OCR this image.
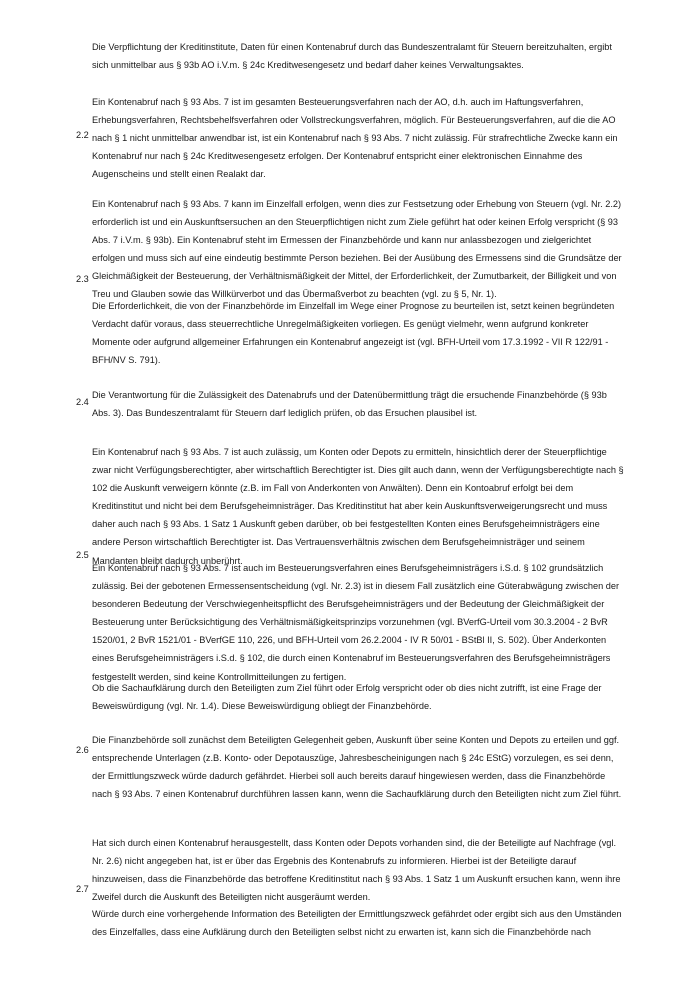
Die Verpflichtung der Kreditinstitute, Daten für einen Kontenabruf durch das Bundeszentralamt für Steuern bereitzuhalten, ergibt sich unmittelbar aus § 93b AO i.V.m. § 24c Kreditwesengesetz und bedarf daher keines Verwaltungsaktes.

2.2

Ein Kontenabruf nach § 93 Abs. 7 ist im gesamten Besteuerungsverfahren nach der AO, d.h. auch im Haftungsverfahren, Erhebungsverfahren, Rechtsbehelfsverfahren oder Vollstreckungsverfahren, möglich. Für Besteuerungsverfahren, auf die die AO nach § 1 nicht unmittelbar anwendbar ist, ist ein Kontenabruf nach § 93 Abs. 7 nicht zulässig. Für strafrechtliche Zwecke kann ein Kontenabruf nur nach § 24c Kreditwesengesetz erfolgen. Der Kontenabruf entspricht einer elektronischen Einnahme des Augenscheins und stellt einen Realakt dar.

2.3

Ein Kontenabruf nach § 93 Abs. 7 kann im Einzelfall erfolgen, wenn dies zur Festsetzung oder Erhebung von Steuern (vgl. Nr. 2.2) erforderlich ist und ein Auskunftsersuchen an den Steuerpflichtigen nicht zum Ziele geführt hat oder keinen Erfolg verspricht (§ 93 Abs. 7 i.V.m. § 93b). Ein Kontenabruf steht im Ermessen der Finanzbehörde und kann nur anlassbezogen und zielgerichtet erfolgen und muss sich auf eine eindeutig bestimmte Person beziehen. Bei der Ausübung des Ermessens sind die Grundsätze der Gleichmäßigkeit der Besteuerung, der Verhältnismäßigkeit der Mittel, der Erforderlichkeit, der Zumutbarkeit, der Billigkeit und von Treu und Glauben sowie das Willkürverbot und das Übermaßverbot zu beachten (vgl. zu § 5, Nr. 1).

Die Erforderlichkeit, die von der Finanzbehörde im Einzelfall im Wege einer Prognose zu beurteilen ist, setzt keinen begründeten Verdacht dafür voraus, dass steuerrechtliche Unregelmäßigkeiten vorliegen. Es genügt vielmehr, wenn aufgrund konkreter Momente oder aufgrund allgemeiner Erfahrungen ein Kontenabruf angezeigt ist (vgl. BFH-Urteil vom 17.3.1992 - VII R 122/91 - BFH/NV S. 791).

2.4

Die Verantwortung für die Zulässigkeit des Datenabrufs und der Datenübermittlung trägt die ersuchende Finanzbehörde (§ 93b Abs. 3). Das Bundeszentralamt für Steuern darf lediglich prüfen, ob das Ersuchen plausibel ist.

2.5

Ein Kontenabruf nach § 93 Abs. 7 ist auch zulässig, um Konten oder Depots zu ermitteln, hinsichtlich derer der Steuerpflichtige zwar nicht Verfügungsberechtigter, aber wirtschaftlich Berechtigter ist. Dies gilt auch dann, wenn der Verfügungsberechtigte nach § 102 die Auskunft verweigern könnte (z.B. im Fall von Anderkonten von Anwälten). Denn ein Kontoabruf erfolgt bei dem Kreditinstitut und nicht bei dem Berufsgeheimnisträger. Das Kreditinstitut hat aber kein Auskunftsverweigerungsrecht und muss daher auch nach § 93 Abs. 1 Satz 1 Auskunft geben darüber, ob bei festgestellten Konten eines Berufsgeheimnisträgers eine andere Person wirtschaftlich Berechtigter ist. Das Vertrauensverhältnis zwischen dem Berufsgeheimnisträger und seinem Mandanten bleibt dadurch unberührt.

Ein Kontenabruf nach § 93 Abs. 7 ist auch im Besteuerungsverfahren eines Berufsgeheimnisträgers i.S.d. § 102 grundsätzlich zulässig. Bei der gebotenen Ermessensentscheidung (vgl. Nr. 2.3) ist in diesem Fall zusätzlich eine Güterabwägung zwischen der besonderen Bedeutung der Verschwiegenheitspflicht des Berufsgeheimnisträgers und der Bedeutung der Gleichmäßigkeit der Besteuerung unter Berücksichtigung des Verhältnismäßigkeitsprinzips vorzunehmen (vgl. BVerfG-Urteil vom 30.3.2004 - 2 BvR 1520/01, 2 BvR 1521/01 - BVerfGE 110, 226, und BFH-Urteil vom 26.2.2004 - IV R 50/01 - BStBl II, S. 502). Über Anderkonten eines Berufsgeheimnisträgers i.S.d. § 102, die durch einen Kontenabruf im Besteuerungsverfahren des Berufsgeheimnisträgers festgestellt werden, sind keine Kontrollmitteilungen zu fertigen.

2.6

Ob die Sachaufklärung durch den Beteiligten zum Ziel führt oder Erfolg verspricht oder ob dies nicht zutrifft, ist eine Frage der Beweiswürdigung (vgl. Nr. 1.4). Diese Beweiswürdigung obliegt der Finanzbehörde.

Die Finanzbehörde soll zunächst dem Beteiligten Gelegenheit geben, Auskunft über seine Konten und Depots zu erteilen und ggf. entsprechende Unterlagen (z.B. Konto- oder Depotauszüge, Jahresbescheinigungen nach § 24c EStG) vorzulegen, es sei denn, der Ermittlungszweck würde dadurch gefährdet. Hierbei soll auch bereits darauf hingewiesen werden, dass die Finanzbehörde nach § 93 Abs. 7 einen Kontenabruf durchführen lassen kann, wenn die Sachaufklärung durch den Beteiligten nicht zum Ziel führt.

2.7

Hat sich durch einen Kontenabruf herausgestellt, dass Konten oder Depots vorhanden sind, die der Beteiligte auf Nachfrage (vgl. Nr. 2.6) nicht angegeben hat, ist er über das Ergebnis des Kontenabrufs zu informieren. Hierbei ist der Beteiligte darauf hinzuweisen, dass die Finanzbehörde das betroffene Kreditinstitut nach § 93 Abs. 1 Satz 1 um Auskunft ersuchen kann, wenn ihre Zweifel durch die Auskunft des Beteiligten nicht ausgeräumt werden.

Würde durch eine vorhergehende Information des Beteiligten der Ermittlungszweck gefährdet oder ergibt sich aus den Umständen des Einzelfalles, dass eine Aufklärung durch den Beteiligten selbst nicht zu erwarten ist, kann sich die Finanzbehörde nach
